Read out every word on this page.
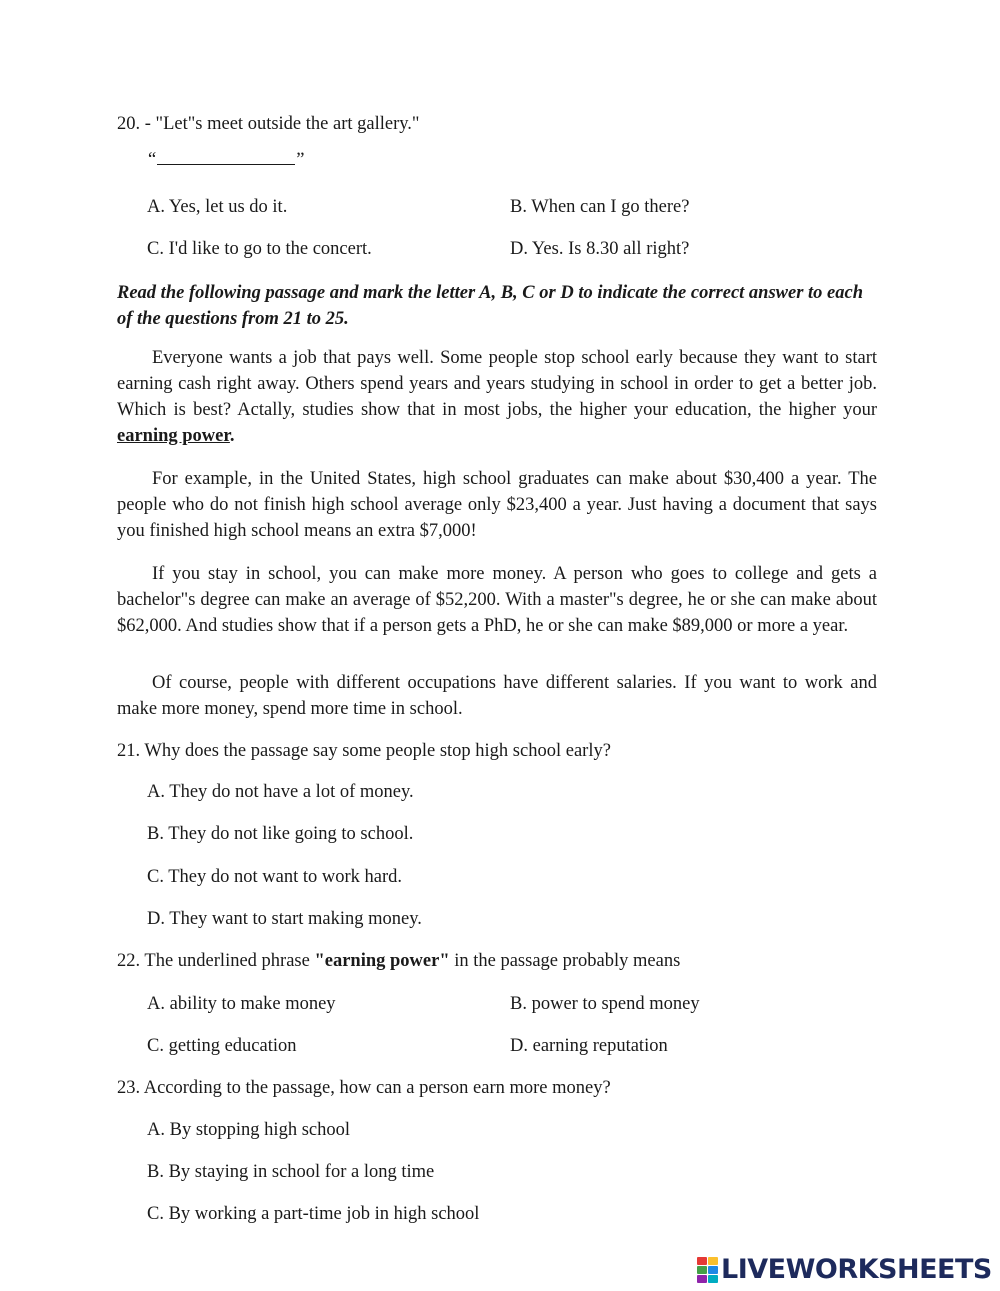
20. - "Let"s meet outside the art gallery."
“	”
A. Yes, let us do it.	B. When can I go there?
C. I'd like to go to the concert.	D. Yes. Is 8.30 all right?
Read the following passage and mark the letter A, B, C or D to indicate the correct answer to each of the questions from 21 to 25.
Everyone wants a job that pays well. Some people stop school early because they want to start earning cash right away. Others spend years and years studying in school in order to get a better job. Which is best? Actally, studies show that in most jobs, the higher your education, the higher your earning power.
For example, in the United States, high school graduates can make about $30,400 a year. The people who do not finish high school average only $23,400 a year. Just having a document that says you finished high school means an extra $7,000!
If you stay in school, you can make more money. A person who goes to college and gets a bachelor"s degree can make an average of $52,200. With a master"s degree, he or she can make about $62,000. And studies show that if a person gets a PhD, he or she can make $89,000 or more a year.
Of course, people with different occupations have different salaries. If you want to work and make more money, spend more time in school.
21. Why does the passage say some people stop high school early?
A. They do not have a lot of money.
B. They do not like going to school.
C. They do not want to work hard.
D. They want to start making money.
22. The underlined phrase "earning power" in the passage probably means
A. ability to make money	B. power to spend money
C. getting education	D. earning reputation
23. According to the passage, how can a person earn more money?
A. By stopping high school
B. By staying in school for a long time
C. By working a part-time job in high school
LIVEWORKSHEETS
